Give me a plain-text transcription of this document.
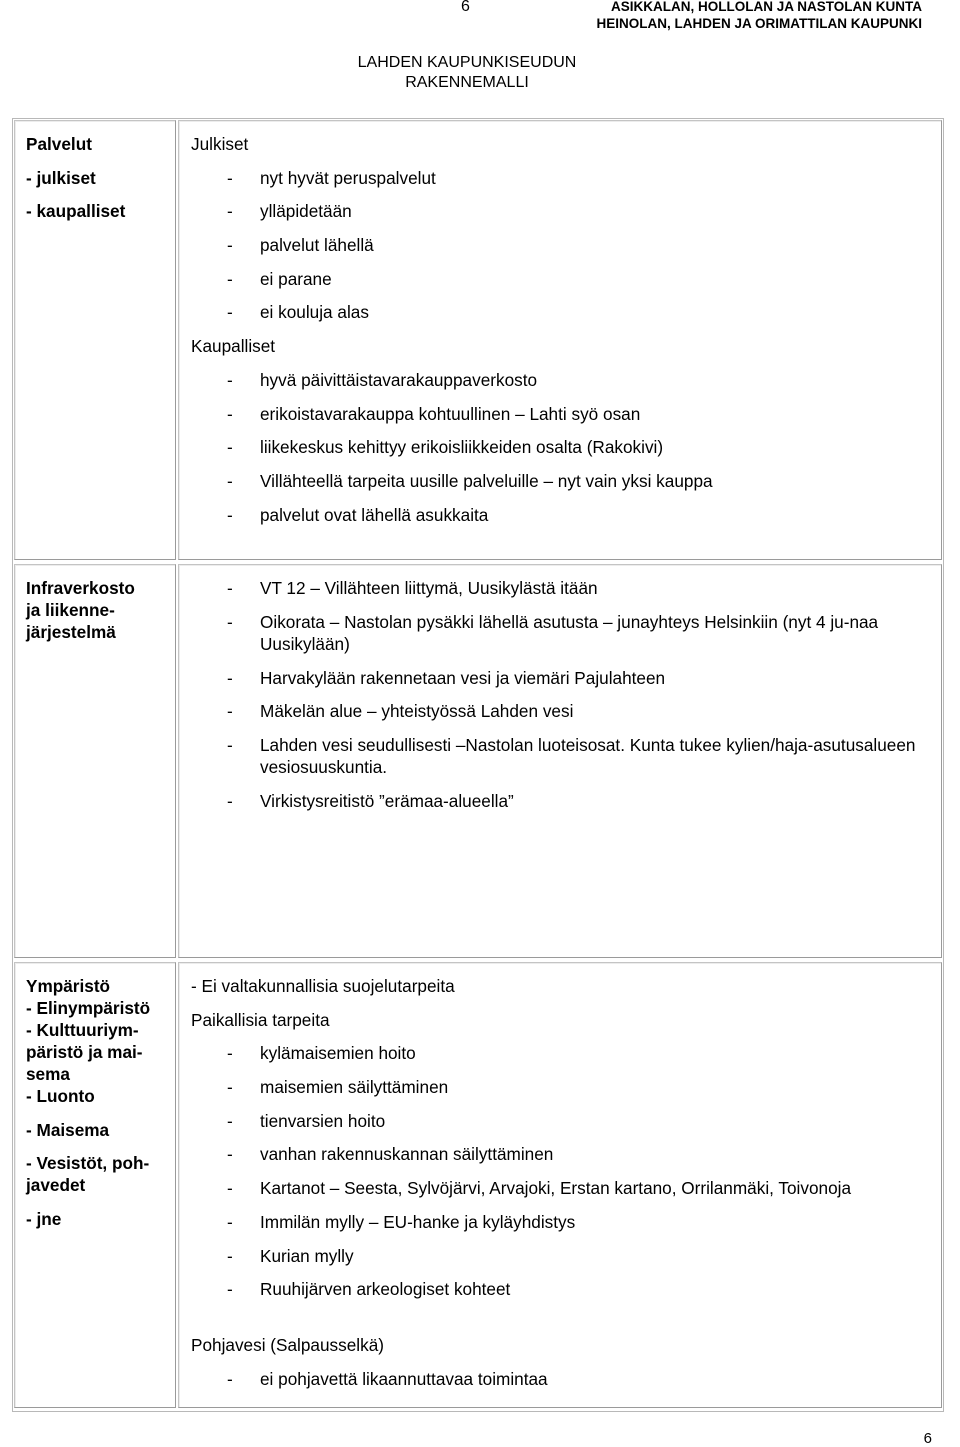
6	ASIKKALAN, HOLLOLAN JA NASTOLAN KUNTA
HEINOLAN, LAHDEN JA ORIMATTILAN KAUPUNKI
LAHDEN KAUPUNKISEUDUN
RAKENNEMALLI
Palvelut
- julkiset
- kaupalliset
Julkiset
- nyt hyvät peruspalvelut
- ylläpidetään
- palvelut lähellä
- ei parane
- ei kouluja alas
Kaupalliset
- hyvä päivittäistavarakauppaverkosto
- erikoistavarakauppa kohtuullinen – Lahti syö osan
- liikekeskus kehittyy erikoisliikkeiden osalta (Rakokivi)
- Villähteellä tarpeita uusille palveluille – nyt vain yksi kauppa
- palvelut ovat lähellä asukkaita
Infraverkosto
ja liikenne-
järjestelmä
- VT 12 – Villähteen liittymä, Uusikylästä itään
- Oikorata – Nastolan pysäkki lähellä asutusta – junayhteys Helsinkiin (nyt 4 ju-naa Uusikylään)
- Harvakylään rakennetaan vesi ja viemäri Pajulahteen
- Mäkelän alue – yhteistyössä Lahden vesi
- Lahden vesi seudullisesti –Nastolan luoteisosat. Kunta tukee kylien/haja-asutusalueen vesiosuuskuntia.
- Virkistysreitistö ”erämaa-alueella”
Ympäristö
- Elinympäristö
- Kulttuuriym-
päristö ja mai-
sema
- Luonto
- Maisema
- Vesistöt, poh-
javedet
- jne
- Ei valtakunnallisia suojelutarpeita
Paikallisia tarpeita
- kylämaisemien hoito
- maisemien säilyttäminen
- tienvarsien hoito
- vanhan rakennuskannan säilyttäminen
- Kartanot – Seesta, Sylvöjärvi, Arvajoki, Erstan kartano, Orrilanmäki, Toivonoja
- Immilän mylly – EU-hanke ja kyläyhdistys
- Kurian mylly
- Ruuhijärven arkeologiset kohteet
Pohjavesi (Salpausselkä)
- ei pohjavettä likaannuttavaa toimintaa
6
